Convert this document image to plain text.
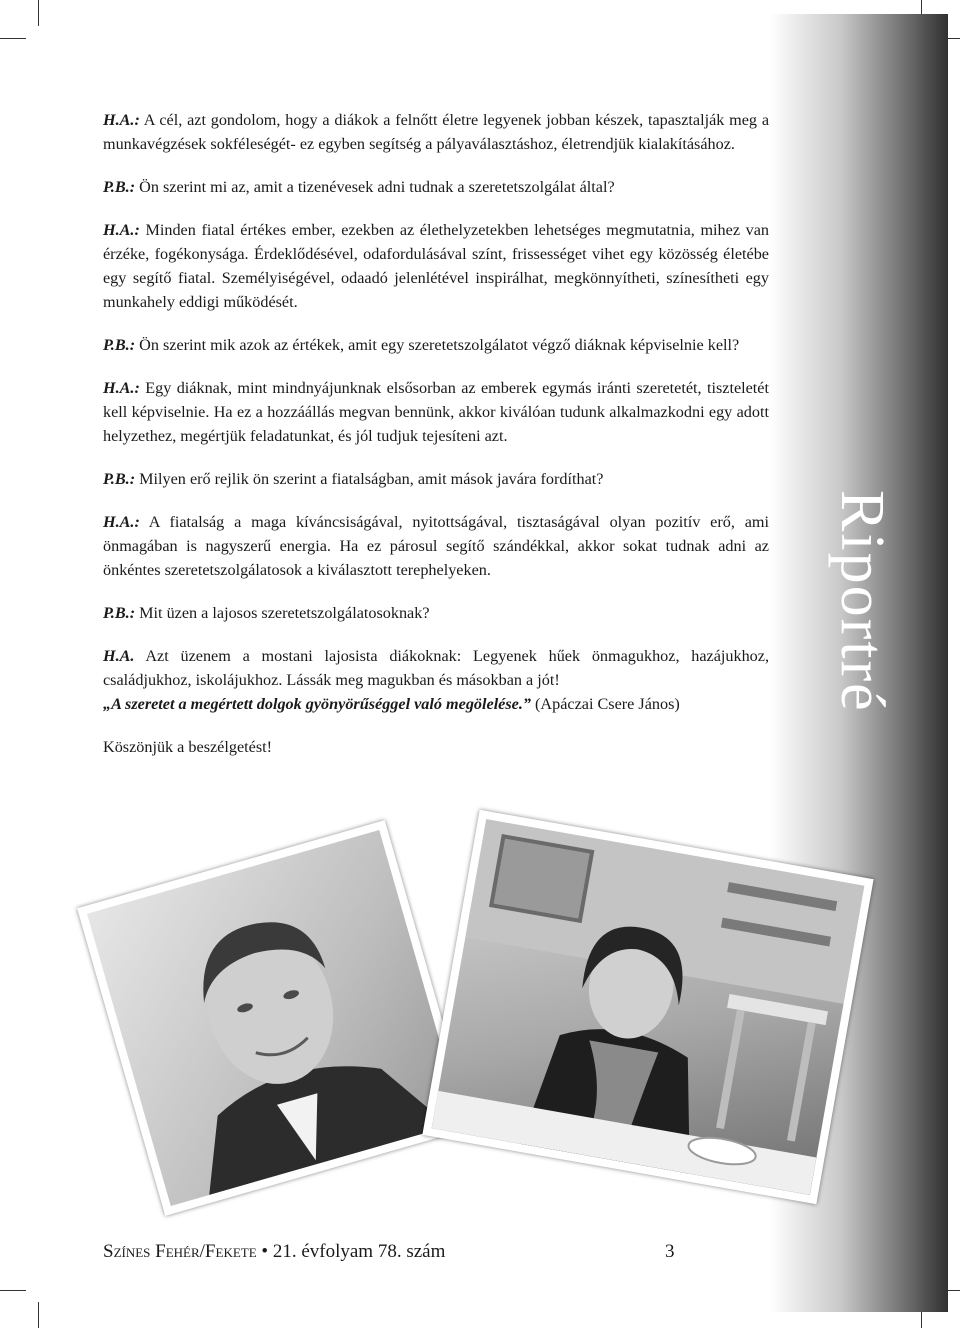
Riportré

H.A.: A cél, azt gondolom, hogy a diákok a felnőtt életre legyenek jobban készek, tapasztalják meg a munkavégzések sokféleségét- ez egyben segítség a pályaválasztáshoz, életrendjük kialakításához.

P.B.: Ön szerint mi az, amit a tizenévesek adni tudnak a szeretetszolgálat által?

H.A.: Minden fiatal értékes ember, ezekben az élethelyzetekben lehetséges megmutatnia, mihez van érzéke, fogékonysága. Érdeklődésével, odafordulásával színt, frissességet vihet egy közösség életébe egy segítő fiatal. Személyiségével, odaadó jelenlétével inspirálhat, megkönnyítheti, színesítheti egy munkahely eddigi működését.

P.B.: Ön szerint mik azok az értékek, amit egy szeretetszolgálatot végző diáknak képviselnie kell?

H.A.: Egy diáknak, mint mindnyájunknak elsősorban az emberek egymás iránti szeretetét, tiszteletét kell képviselnie. Ha ez a hozzáállás megvan bennünk, akkor kiválóan tudunk alkalmazkodni egy adott helyzethez, megértjük feladatunkat, és jól tudjuk tejesíteni azt.

P.B.: Milyen erő rejlik ön szerint a fiatalságban, amit mások javára fordíthat?

H.A.: A fiatalság a maga kíváncsiságával, nyitottságával, tisztaságával olyan pozitív erő, ami önmagában is nagyszerű energia. Ha ez párosul segítő szándékkal, akkor sokat tudnak adni az önkéntes szeretetszolgálatosok a kiválasztott terephelyeken.

P.B.: Mit üzen a lajosos szeretetszolgálatosoknak?

H.A. Azt üzenem a mostani lajosista diákoknak: Legyenek hűek önmagukhoz, hazájukhoz, családjukhoz, iskolájukhoz. Lássák meg magukban és másokban a jót!
„A szeretet a megértett dolgok gyönyörűséggel való megölelése.” (Apáczai Csere János)

Köszönjük a beszélgetést!

Színes Fehér/Fekete • 21. évfolyam 78. szám	3
